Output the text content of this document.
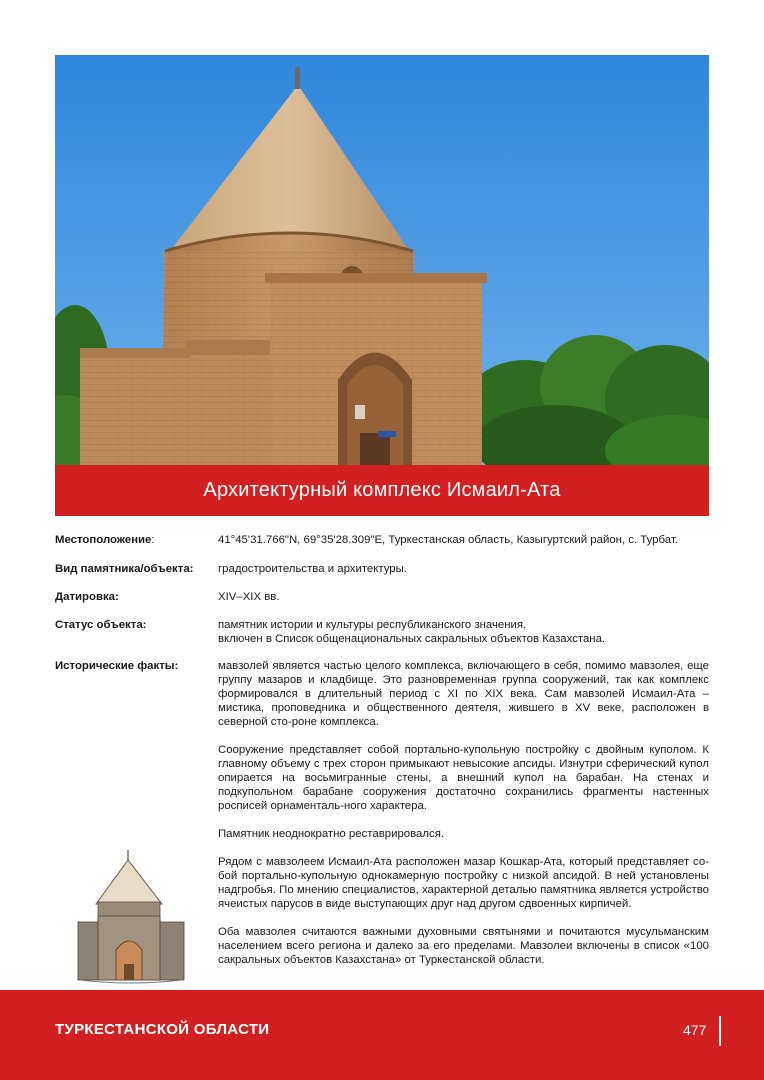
Архитектурный комплекс Исмаил-Ата
Местоположение:	41°45'31.766"N, 69°35'28.309"E, Туркестанская область, Казыгуртский район, с. Турбат.
Вид памятника/объекта:	градостроительства и архитектуры.
Датировка:	XIV–XIX вв.
Статус объекта:	памятник истории и культуры республиканского значения,
включен в Список общенациональных сакральных объектов Казахстана.
Исторические факты:	мавзолей является частью целого комплекса, включающего в себя, помимо мавзолея, еще группу мазаров и кладбище. Это разновременная группа сооружений, так как комплекс формировался в длительный период с XI по XIX века. Сам мавзолей Исмаил-Ата – мистика, проповедника и общественного деятеля, жившего в XV веке, расположен в северной сто-роне комплекса.

Сооружение представляет собой портально-купольную постройку с двойным куполом. К главному объему с трех сторон примыкают невысокие апсиды. Изнутри сферический купол опирается на восьмигранные стены, а внешний купол на барабан. На стенах и подкупольном барабане сооружения достаточно сохранились фрагменты настенных росписей орнаменталь-ного характера.

Памятник неоднократно реставрировался.

Рядом с мавзолеем Исмаил-Ата расположен мазар Кошкар-Ата, который представляет со-бой портально-купольную однокамерную постройку с низкой апсидой. В ней установлены надгробья. По мнению специалистов, характерной деталью памятника является устройство ячеистых парусов в виде выступающих друг над другом сдвоенных кирпичей.

Оба мавзолея считаются важными духовными святынями и почитаются мусульманским населением всего региона и далеко за его пределами. Мавзолеи включены в список «100 сакральных объектов Казахстана» от Туркестанской области.

ТУРКЕСТАНСКОЙ ОБЛАСТИ	477
